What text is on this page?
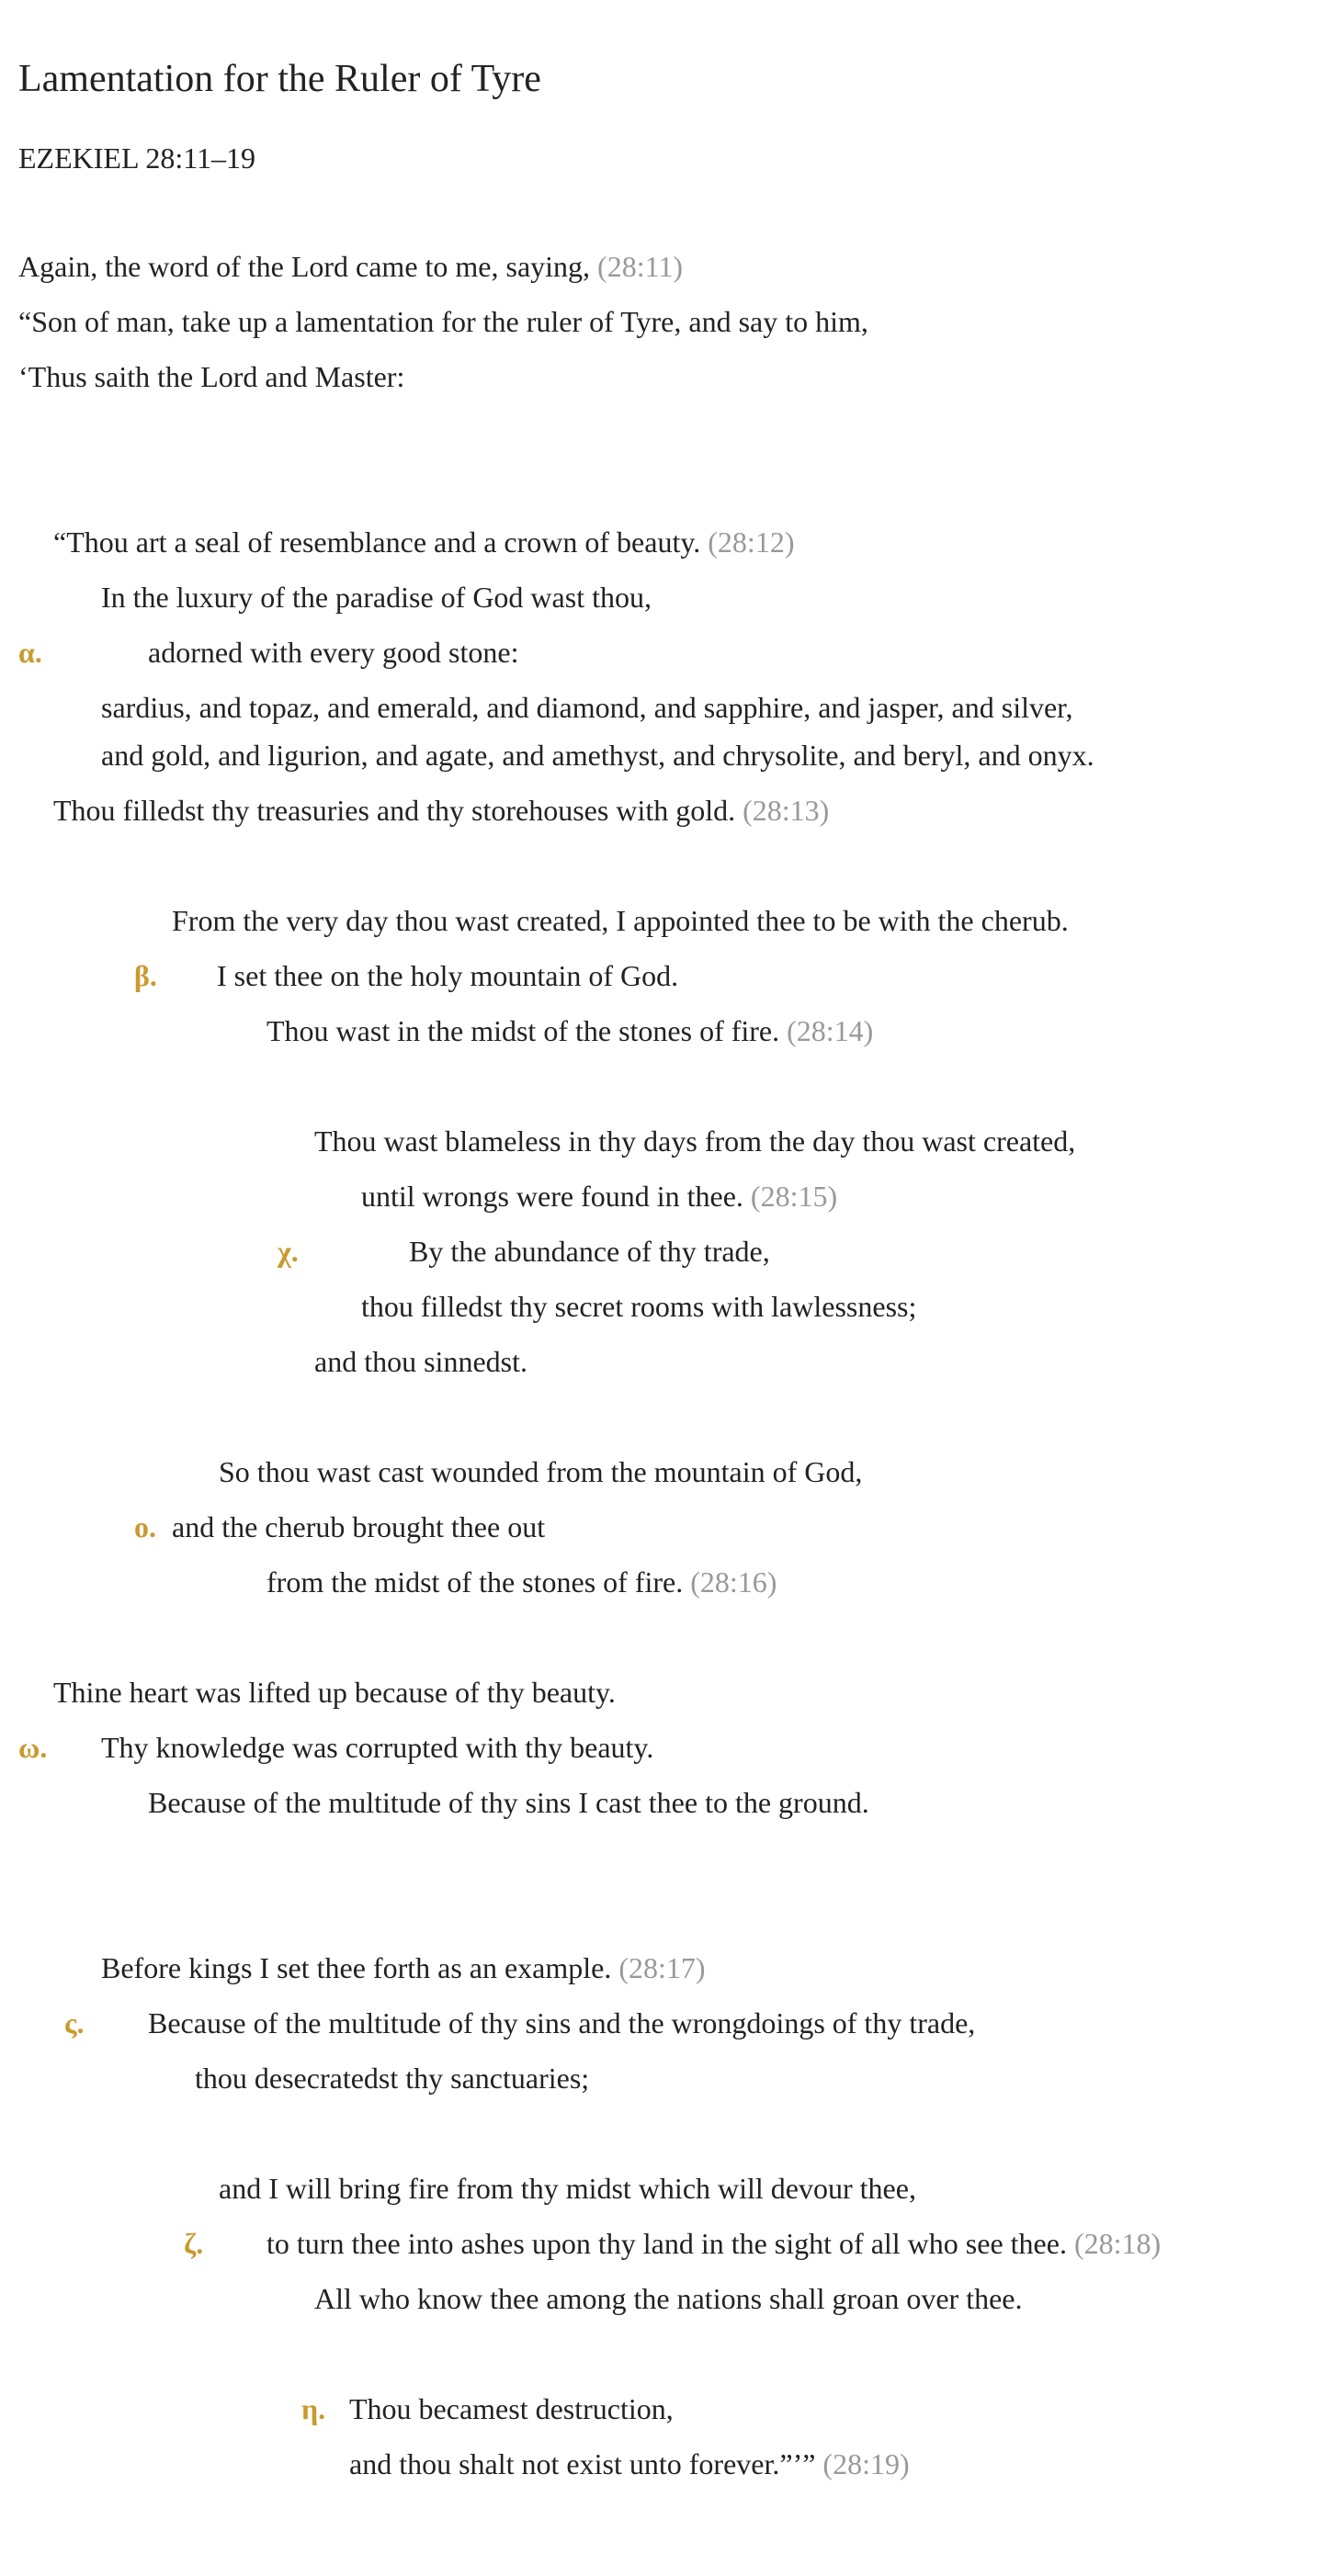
Lamentation for the Ruler of Tyre
EZEKIEL 28:11–19
Again, the word of the Lord came to me, saying, (28:11)
“Son of man, take up a lamentation for the ruler of Tyre, and say to him,
‘Thus saith the Lord and Master:
α.
“Thou art a seal of resemblance and a crown of beauty. (28:12)
In the luxury of the paradise of God wast thou,
adorned with every good stone:
sardius, and topaz, and emerald, and diamond, and sapphire, and jasper, and silver,
and gold, and ligurion, and agate, and amethyst, and chrysolite, and beryl, and onyx.
Thou filledst thy treasuries and thy storehouses with gold. (28:13)
β.
From the very day thou wast created, I appointed thee to be with the cherub.
I set thee on the holy mountain of God.
Thou wast in the midst of the stones of fire. (28:14)
χ.
Thou wast blameless in thy days from the day thou wast created,
until wrongs were found in thee. (28:15)
By the abundance of thy trade,
thou filledst thy secret rooms with lawlessness;
and thou sinnedst.
ο.
So thou wast cast wounded from the mountain of God,
and the cherub brought thee out
from the midst of the stones of fire. (28:16)
ω.
Thine heart was lifted up because of thy beauty.
Thy knowledge was corrupted with thy beauty.
Because of the multitude of thy sins I cast thee to the ground.
ς.
Before kings I set thee forth as an example. (28:17)
Because of the multitude of thy sins and the wrongdoings of thy trade,
thou desecratedst thy sanctuaries;
ζ.
and I will bring fire from thy midst which will devour thee,
to turn thee into ashes upon thy land in the sight of all who see thee. (28:18)
All who know thee among the nations shall groan over thee.
η. Thou becamest destruction,
and thou shalt not exist unto forever.”’” (28:19)
